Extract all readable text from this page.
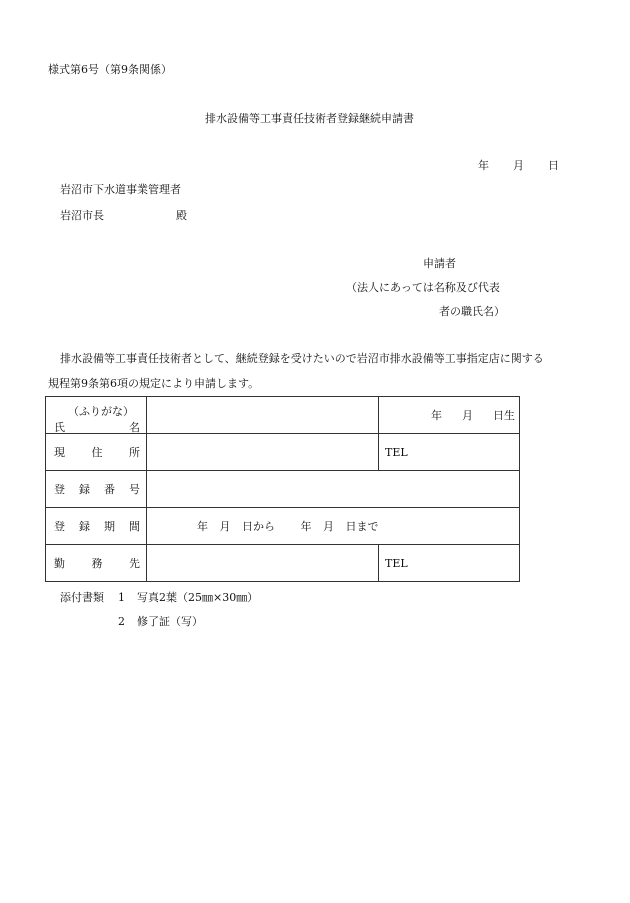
様式第6号（第9条関係）
排水設備等工事責任技術者登録継続申請書
年 月 日
岩沼市下水道事業管理者
岩沼市長	殿
申請者
（法人にあっては名称及び代表
者の職氏名）
排水設備等工事責任技術者として、継続登録を受けたいので岩沼市排水設備等工事指定店に関する
規程第9条第6項の規定により申請します。
（ふりがな）
氏 名		年 月 日生

現 住 所		TEL

登 録 番 号		

登 録 期 間	年 月 日から 年 月 日まで	

勤 務 先		TEL
添付書類 1 写真2葉（25㎜×30㎜）
2 修了証（写）
